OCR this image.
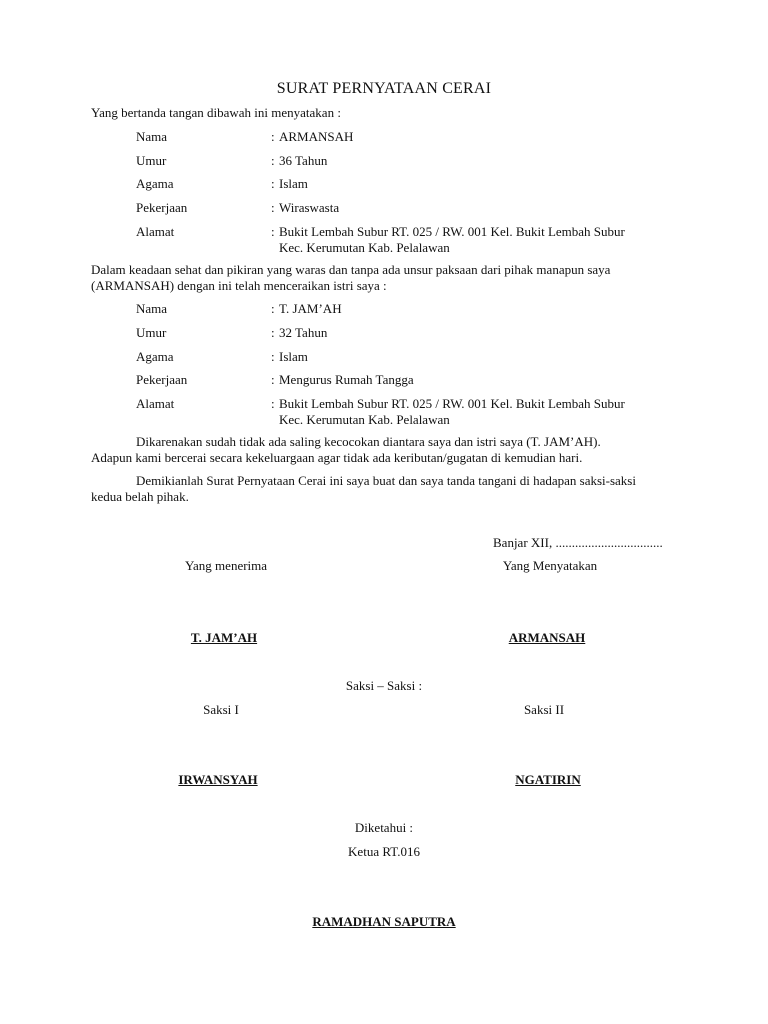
SURAT PERNYATAAN CERAI
Yang bertanda tangan dibawah ini menyatakan :
Nama	: ARMANSAH
Umur	: 36 Tahun
Agama	: Islam
Pekerjaan	: Wiraswasta
Alamat	: Bukit Lembah Subur RT. 025 / RW. 001 Kel. Bukit Lembah Subur
Kec. Kerumutan Kab. Pelalawan
Dalam keadaan sehat dan pikiran yang waras dan tanpa ada unsur paksaan dari pihak manapun saya
(ARMANSAH) dengan ini telah menceraikan istri saya :
Nama	: T. JAM’AH
Umur	: 32 Tahun
Agama	: Islam
Pekerjaan	: Mengurus Rumah Tangga
Alamat	: Bukit Lembah Subur RT. 025 / RW. 001 Kel. Bukit Lembah Subur
Kec. Kerumutan Kab. Pelalawan
Dikarenakan sudah tidak ada saling kecocokan diantara saya dan istri saya (T. JAM’AH).
Adapun kami bercerai secara kekeluargaan agar tidak ada keributan/gugatan di kemudian hari.
Demikianlah Surat Pernyataan Cerai ini saya buat dan saya tanda tangani di hadapan saksi-saksi
kedua belah pihak.
Banjar XII, .................................
Yang menerima	Yang Menyatakan
T. JAM’AH	ARMANSAH
Saksi – Saksi :
Saksi I	Saksi II
IRWANSYAH	NGATIRIN
Diketahui :
Ketua RT.016
RAMADHAN SAPUTRA
